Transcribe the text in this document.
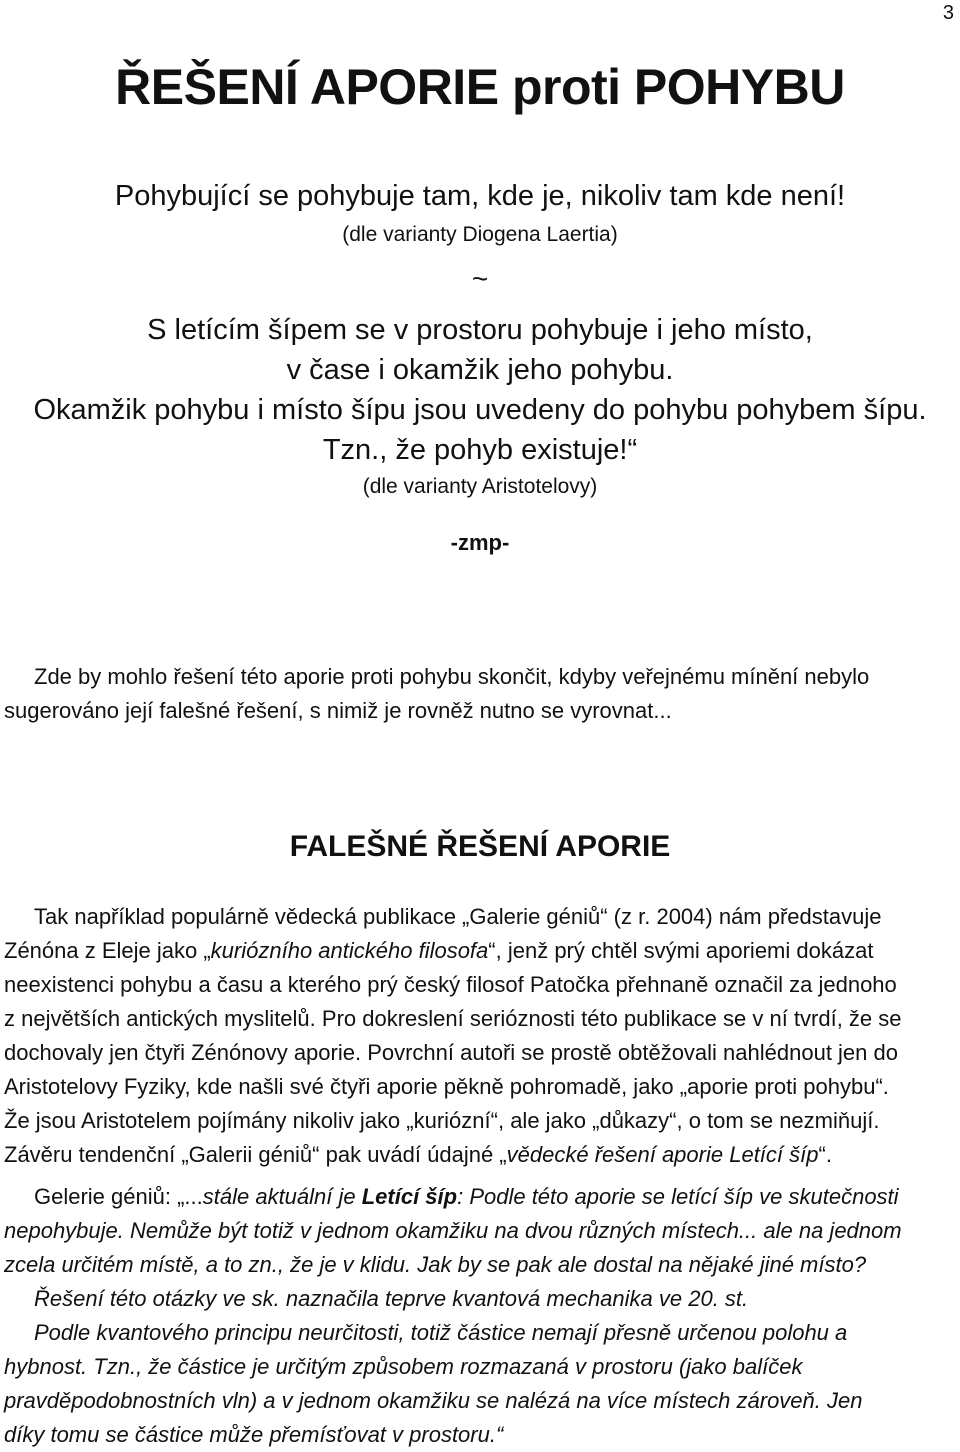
3
ŘEŠENÍ APORIE proti POHYBU
Pohybující se pohybuje tam, kde je, nikoliv tam kde není!
(dle varianty Diogena Laertia)
~
S letícím šípem se v prostoru pohybuje i jeho místo,
v čase i okamžik jeho pohybu.
Okamžik pohybu i místo šípu jsou uvedeny do pohybu pohybem šípu.
Tzn., že pohyb existuje!“
(dle varianty Aristotelovy)
-zmp-

Zde by mohlo řešení této aporie proti pohybu skončit, kdyby veřejnému mínění nebylo

sugerováno její falešné řešení, s nimiž je rovněž nutno se vyrovnat...

FALEŠNÉ ŘEŠENÍ APORIE

Tak například populárně vědecká publikace „Galerie géniů“ (z r. 2004) nám představuje

Zénóna z Eleje jako „kuriózního antického filosofa“, jenž prý chtěl svými aporiemi dokázat

neexistenci pohybu a času a kterého prý český filosof Patočka přehnaně označil za jednoho

z největších antických myslitelů. Pro dokreslení serióznosti této publikace se v ní tvrdí, že se

dochovaly jen čtyři Zénónovy aporie. Povrchní autoři se prostě obtěžovali nahlédnout jen do

Aristotelovy Fyziky, kde našli své čtyři aporie pěkně pohromadě, jako „aporie proti pohybu“.

Že jsou Aristotelem pojímány nikoliv jako „kuriózní“, ale jako „důkazy“, o tom se nezmiňují.

Závěru tendenční „Galerii géniů“ pak uvádí údajné „vědecké řešení aporie Letící šíp“.

Gelerie géniů: „...stále aktuální je Letící šíp: Podle této aporie se letící šíp ve skutečnosti

nepohybuje. Nemůže být totiž v jednom okamžiku na dvou různých místech... ale na jednom

zcela určitém místě, a to zn., že je v klidu. Jak by se pak ale dostal na nějaké jiné místo?

Řešení této otázky ve sk. naznačila teprve kvantová mechanika ve 20. st.

Podle kvantového principu neurčitosti, totiž částice nemají přesně určenou polohu a

hybnost. Tzn., že částice je určitým způsobem rozmazaná v prostoru (jako balíček

pravděpodobnostních vln) a v jednom okamžiku se nalézá na více místech zároveň. Jen

díky tomu se částice může přemísťovat v prostoru.“
